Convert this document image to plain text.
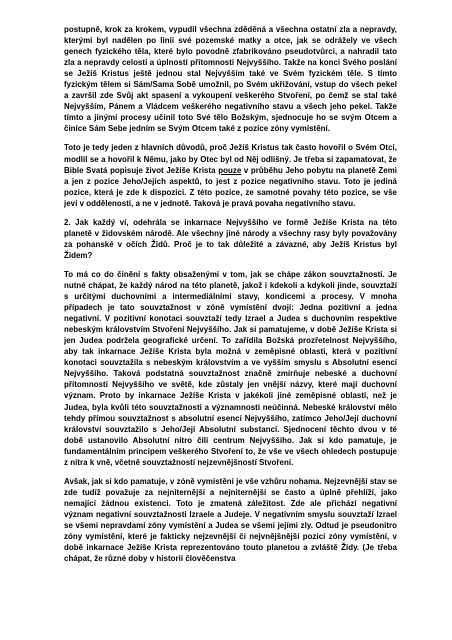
postupně, krok za krokem, vypudil všechna zděděná a všechna ostatní zla a nepravdy, kterými byl nadělen po linii své pozemské matky a otce, jak se odrážely ve všech genech fyzického těla, které bylo povodně zfabrikováno pseudotvůrci, a nahradil tato zla a nepravdy celostí a úplností přítomnosti Nejvyššího. Takže na konci Svého poslání se Ježíš Kristus ještě jednou stal Nejvyšším také ve Svém fyzickém těle. S tímto fyzickým tělem si Sám/Sama Sobě umožnil, po Svém ukřižování, vstup do všech pekel a završil zde Svůj akt spasení a vykoupení veškerého Stvoření, po čemž se stal také Nejvyšším, Pánem a Vládcem veškerého negativního stavu a všech jeho pekel. Takže tímto a jinými procesy učinil toto Své tělo Božským, sjednocuje ho se svým Otcem a činíce Sám Sebe jedním se Svým Otcem také z pozice zóny vymístění.

Toto je tedy jeden z hlavních důvodů, proč Ježíš Kristus tak často hovořil o Svém Otci, modlil se a hovořil k Němu, jako by Otec byl od Něj odlišný. Je třeba si zapamatovat, že Bible Svatá popisuje život Ježíše Krista pouze v průběhu Jeho pobytu na planetě Zemi a jen z pozice Jeho/Jejích aspektů, to jest z pozice negativního stavu. Toto je jediná pozice, která je zde k dispozici. Z této pozice, ze samotné povahy této pozice, se vše jeví v oddělenosti, a ne v jednotě. Taková je pravá povaha negativního stavu.

2. Jak každý ví, odehrála se inkarnace Nejvyššího ve formě Ježíše Krista na této planetě v židovském národě. Ale všechny jiné národy a všechny rasy byly považovány za pohanské v očích Židů. Proč je to tak důležité a závazné, aby Ježíš Kristus byl Židem?

To má co do činění s fakty obsaženými v tom, jak se chápe zákon souvztažností. Je nutné chápat, že každý národ na této planetě, jakož i kdekoli a kdykoli jinde, souvztaží s určitými duchovními a intermediálními stavy, kondicemi a procesy. V mnoha případech je tato souvztažnost v zóně vymístění dvojí: Jedna pozitivní a jedna negativní. V pozitivní konotaci souvztaží tedy Izrael a Judea s duchovním respektive nebeským královstvím Stvoření Nejvyššího. Jak si pamatujeme, v době Ježíše Krista si jen Judea podržela geografické určení. To zařídila Božská prozřetelnost Nejvyššího, aby tak inkarnace Ježíše Krista byla možná v zeměpisné oblasti, která v pozitivní konotaci souvztažila s nebeským královstvím a ve vyšším smyslu s Absolutní esencí Nejvyššího. Taková podstatná souvztažnost značně zmírňuje nebeské a duchovní přítomnosti Nejvyššího ve světě, kde zůstaly jen vnější názvy, které mají duchovní význam. Proto by inkarnace Ježíše Krista v jakékoli jiné zeměpisné oblasti, než je Judea, byla kvůli této souvztažnosti a významnosti neúčinná. Nebeské království mělo tehdy přímou souvztažnost s absolutní esencí Nejvyššího, zatímco Jeho/Její duchovní království souvztažilo s Jeho/Její Absolutní substancí. Sjednocení těchto dvou v té době ustanovilo Absolutní nitro čili centrum Nejvyššího. Jak si kdo pamatuje, je fundamentálním principem veškerého Stvoření to, že vše ve všech ohledech postupuje z nitra k vně, včetně souvztažností nejzevnějšností Stvoření.

Avšak, jak si kdo pamatuje, v zóně vymístění je vše vzhůru nohama. Nejzevnější stav se zde tudíž považuje za nejniternější a nejniternější se často a úplně přehlíží, jako nemající žádnou existenci. Toto je zmatená záležitost. Zde ale přichází negativní význam negativní souvztažnosti Izraele a Judeje. V negativním smyslu souvztaží Izrael se všemi nepravdami zóny vymístění a Judea se všemi jejími zly. Odtud je pseudonitro zóny vymístění, které je fakticky nejzevnější či nejvnějšnější pozicí zóny vymístění, v době inkarnace Ježíše Krista reprezentováno touto planetou a zvláště Židy. (Je třeba chápat, že různé doby v historii člověčenstva
